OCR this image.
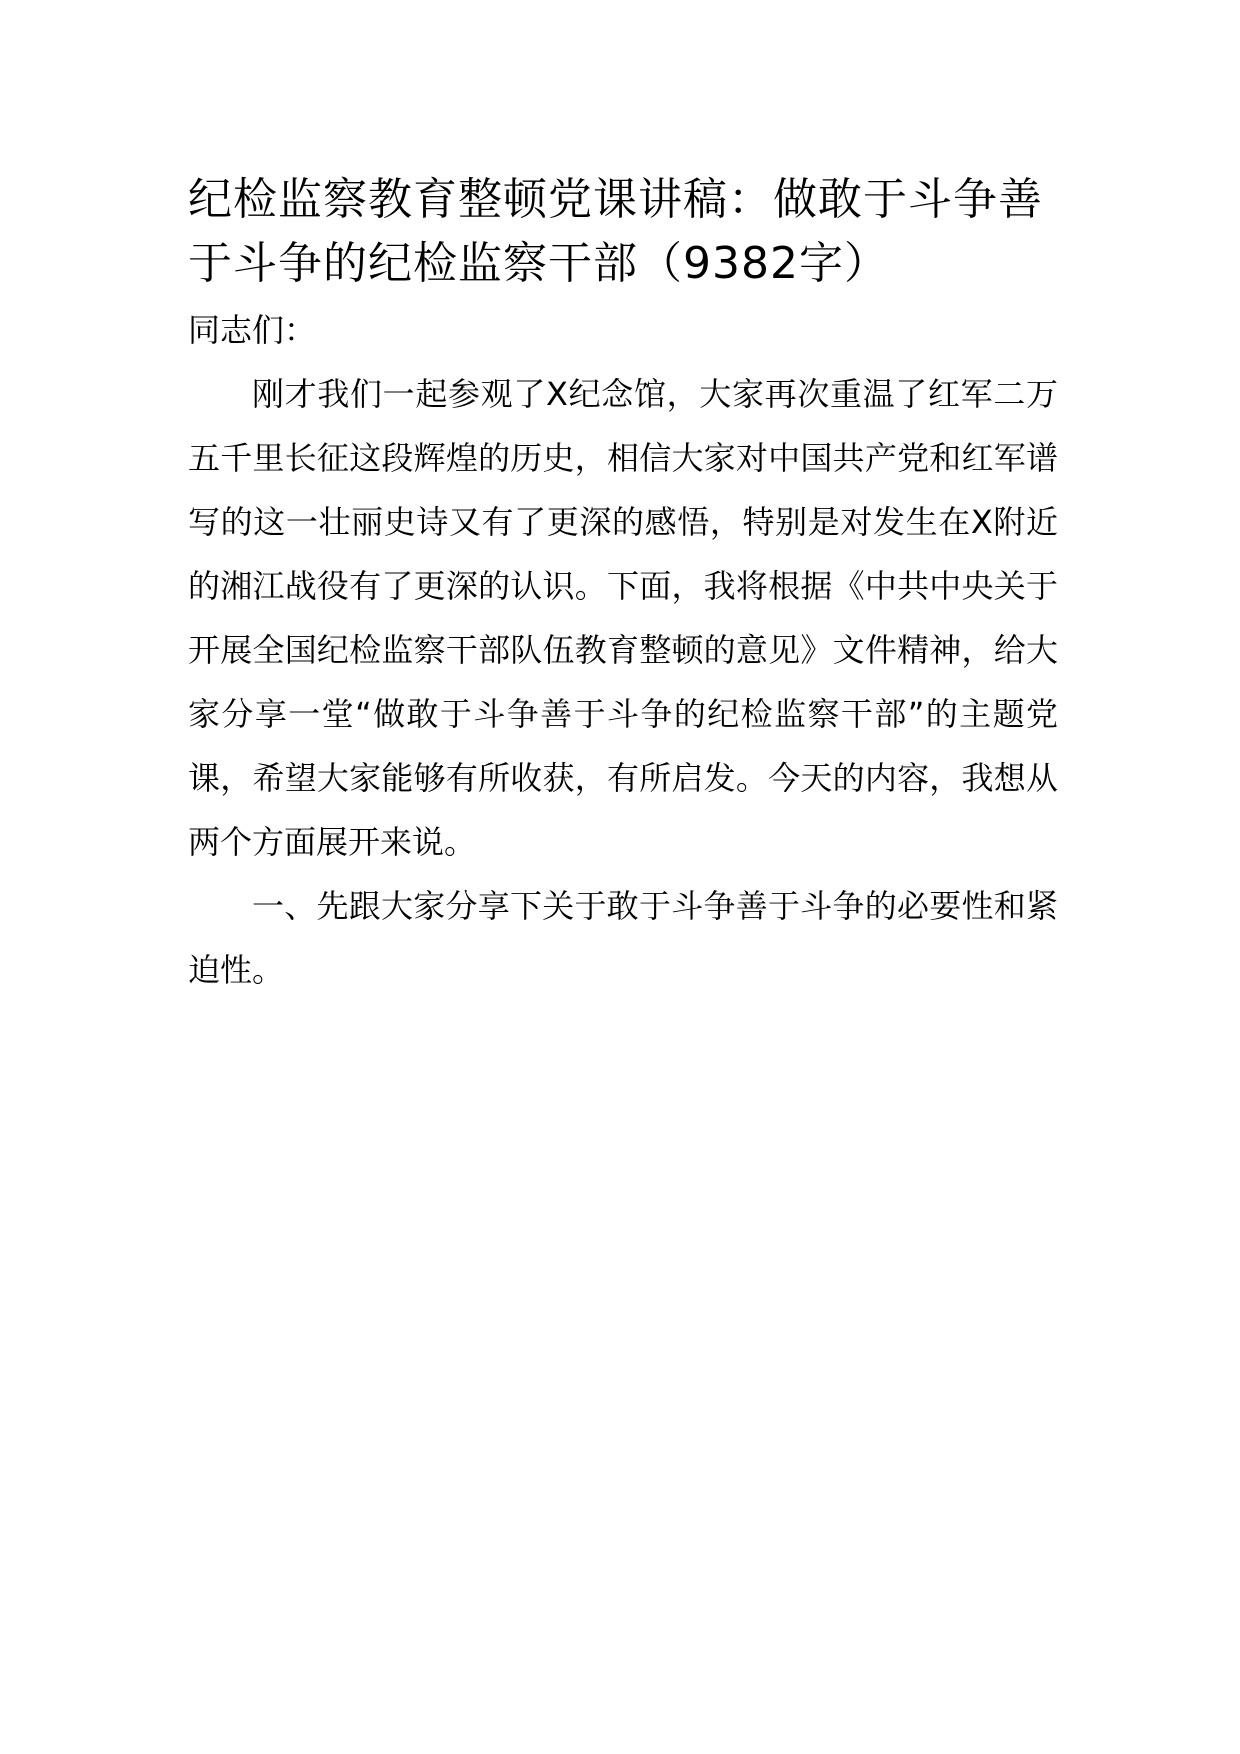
纪检监察教育整顿党课讲稿：做敢于斗争善于斗争的纪检监察干部（9382字）

同志们：

刚才我们一起参观了X纪念馆，大家再次重温了红军二万五千里长征这段辉煌的历史，相信大家对中国共产党和红军谱写的这一壮丽史诗又有了更深的感悟，特别是对发生在X附近的湘江战役有了更深的认识。下面，我将根据《中共中央关于开展全国纪检监察干部队伍教育整顿的意见》文件精神，给大家分享一堂“做敢于斗争善于斗争的纪检监察干部”的主题党课，希望大家能够有所收获，有所启发。今天的内容，我想从两个方面展开来说。

一、先跟大家分享下关于敢于斗争善于斗争的必要性和紧迫性。
